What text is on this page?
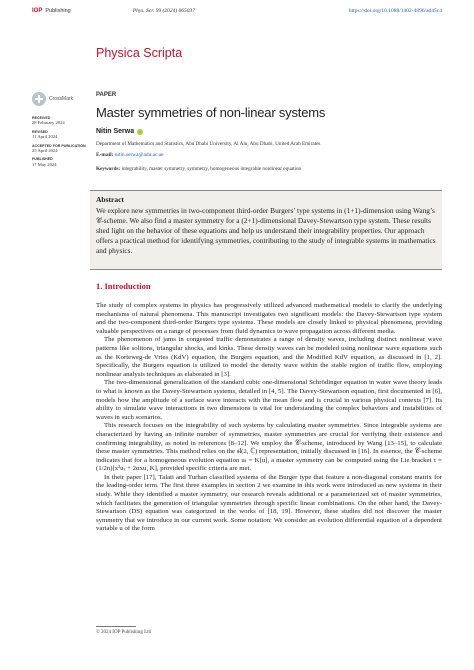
IOP Publishing	Phys. Scr. 99 (2024) 065037	https://doi.org/10.1088/1402-4896/ad45c4
Physica Scripta
CrossMark
RECEIVED
28 February 2024
REVISED
11 April 2024
ACCEPTED FOR PUBLICATION
25 April 2024
PUBLISHED
17 May 2024
PAPER
Master symmetries of non-linear systems
Nitin Serwa
Department of Mathematics and Statistics, Abu Dhabi University, Al Ain, Abu Dhabi, United Arab Emirates
E-mail: nitin.serwa@adu.ac.ae
Keywords: integrability, master symmetry, symmetry, homogeneous integrable nonlinear equation
Abstract
We explore new symmetries in two-component third-order Burgers’ type systems in (1+1)-dimension using Wang’s 𝒞-scheme. We also find a master symmetry for a (2+1)-dimensional Davey-Stewartson type system. These results shed light on the behavior of these equations and help us understand their integrability properties. Our approach offers a practical method for identifying symmetries, contributing to the study of integrable systems in mathematics and physics.
1. Introduction

The study of complex systems in physics has progressively utilized advanced mathematical models to clarify the underlying mechanisms of natural phenomena. This manuscript investigates two significant models: the Davey-Stewartson type system and the two-component third-order Burgers type systems. These models are closely linked to physical phenomena, providing valuable perspectives on a range of processes from fluid dynamics to wave propagation across different media.

The phenomenon of jams in congested traffic demonstrates a range of density waves, including distinct nonlinear wave patterns like solitons, triangular shocks, and kinks. These density waves can be modeled using nonlinear wave equations such as the Korteweg-de Vries (KdV) equation, the Burgers equation, and the Modified KdV equation, as discussed in [1, 2]. Specifically, the Burgers equation is utilized to model the density wave within the stable region of traffic flow, employing nonlinear analysis techniques as elaborated in [3].

The two-dimensional generalization of the standard cubic one-dimensional Schrödinger equation in water wave theory leads to what is known as the Davey-Stewartson systems, detailed in [4, 5]. The Davey-Stewartson equation, first documented in [6], models how the amplitude of a surface wave interacts with the mean flow and is crucial in various physical contexts [7]. Its ability to simulate wave interactions in two dimensions is vital for understanding the complex behaviors and instabilities of waves in such scenarios.

This research focuses on the integrability of such systems by calculating master symmetries. Since integrable systems are characterized by having an infinite number of symmetries, master symmetries are crucial for verifying their existence and confirming integrability, as noted in references [8–12]. We employ the 𝒞-scheme, introduced by Wang [13–15], to calculate these master symmetries. This method relies on the 𝔰𝔩(2, ℂ) representation, initially discussed in [16]. In essence, the 𝒞-scheme indicates that for a homogeneous evolution equation uₜ = K[u], a master symmetry can be computed using the Lie bracket τ = (1/2n)[x²uₓ + 2αxu, K], provided specific criteria are met.

In their paper [17], Talati and Turhan classified systems of the Burger type that feature a non-diagonal constant matrix for the leading-order term. The first three examples in section 2 we examine in this work were introduced as new systems in their study. While they identified a master symmetry, our research reveals additional or a parameterized set of master symmetries, which facilitates the generation of triangular symmetries through specific linear combinations. On the other hand, the Davey-Stewartson (DS) equation was categorized in the works of [18, 19]. However, these studies did not discover the master symmetry that we introduce in our current work. Some notation: We consider an evolution differential equation of a dependent variable u of the form

© 2024 IOP Publishing Ltd
